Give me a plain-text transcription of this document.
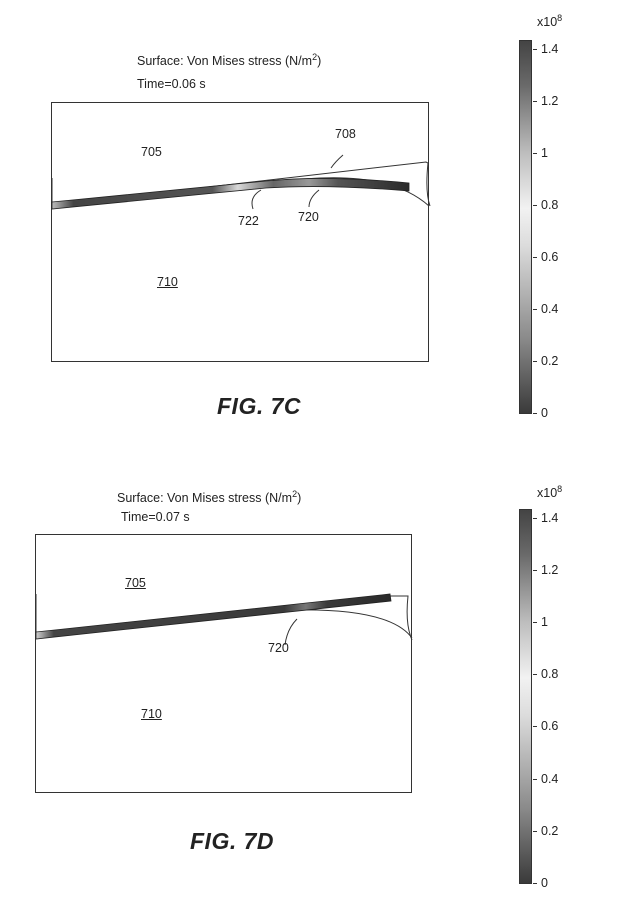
Surface: Von Mises stress $(N/m^2)$
Time=0.06 s
705
710
708
722	720
FIG. 7C
$x10^8$
1.4
1.2
1
0.8
0.6
0.4
0.2
0
Surface: Von Mises stress $(N/m^2)$
Time=0.07 s
705
710
720
FIG. 7D
$x10^8$
1.4
1.2
1
0.8
0.6
0.4
0.2
0
